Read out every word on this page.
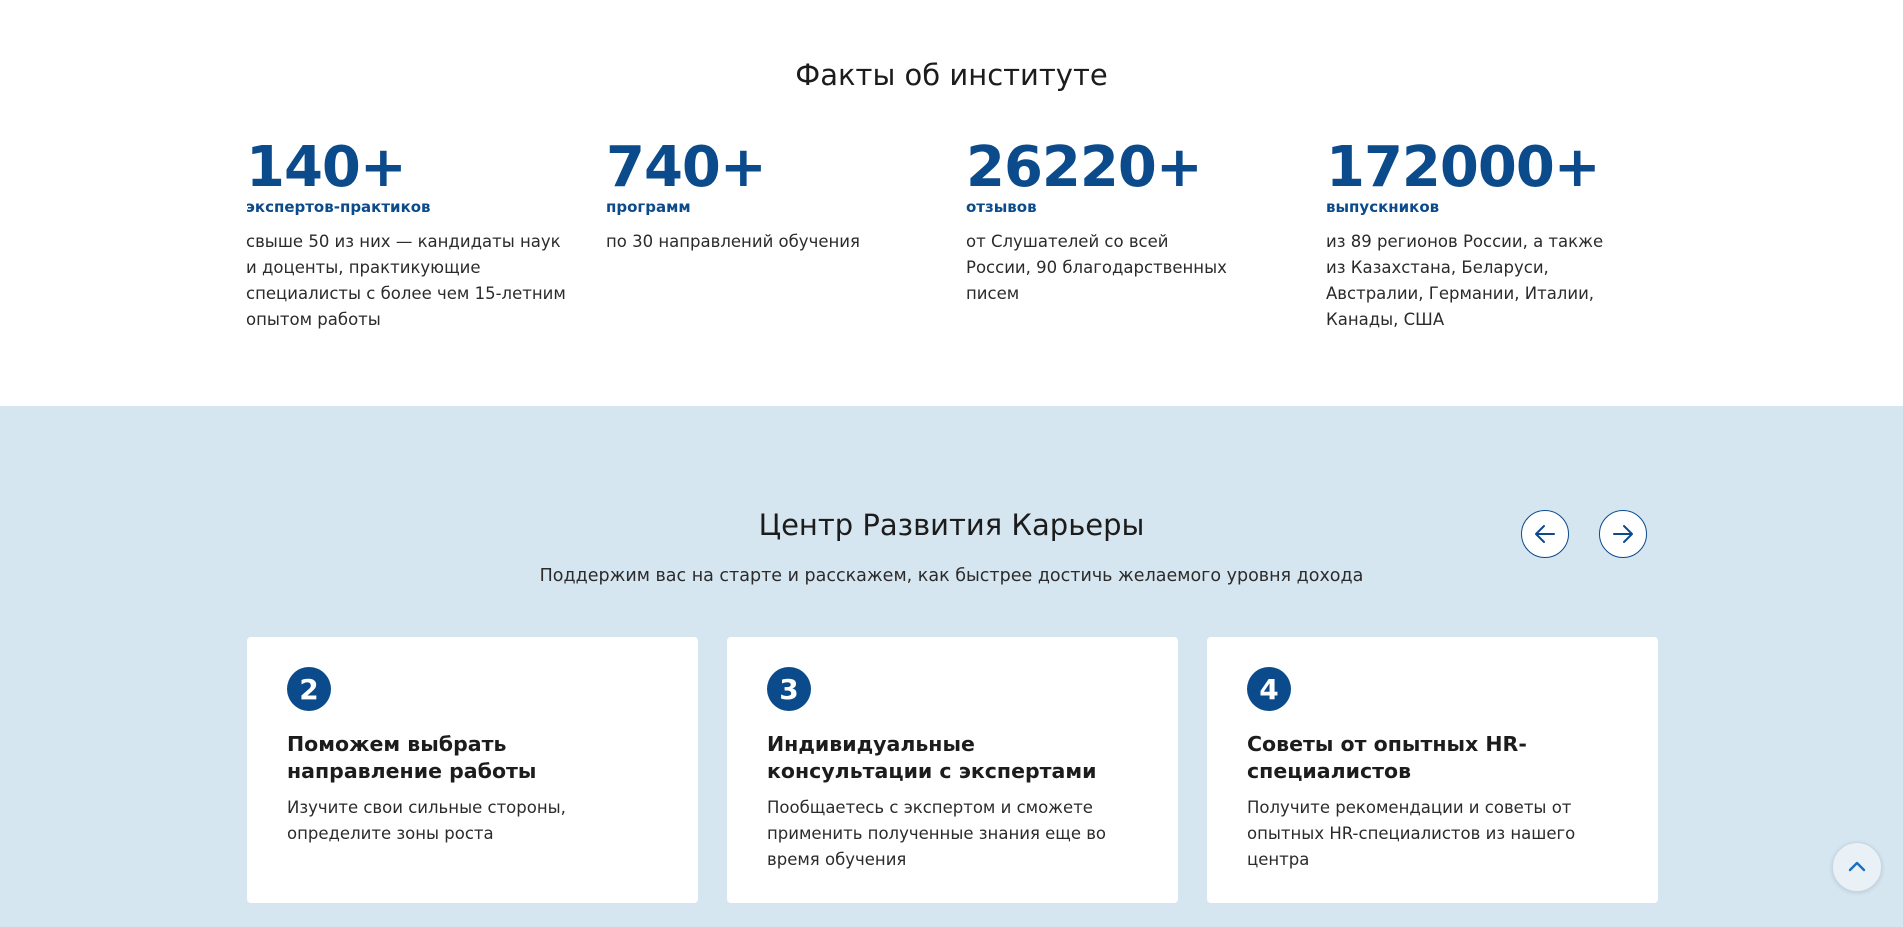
Факты об институте
140+
экспертов-практиков
свыше 50 из них — кандидаты наук и доценты, практикующие специалисты с более чем 15-летним опытом работы
740+
программ
по 30 направлений обучения
26220+
отзывов
от Слушателей со всей России, 90 благодарственных писем
172000+
выпускников
из 89 регионов России, а также из Казахстана, Беларуси, Австралии, Германии, Италии, Канады, США
Центр Развития Карьеры

Поддержим вас на старте и расскажем, как быстрее достичь желаемого уровня дохода

2
Поможем выбрать направление работы
Изучите свои сильные стороны, определите зоны роста
3
Индивидуальные консультации с экспертами
Пообщаетесь с экспертом и сможете применить полученные знания еще во время обучения
4
Советы от опытных HR-специалистов
Получите рекомендации и советы от опытных HR-специалистов из нашего центра
